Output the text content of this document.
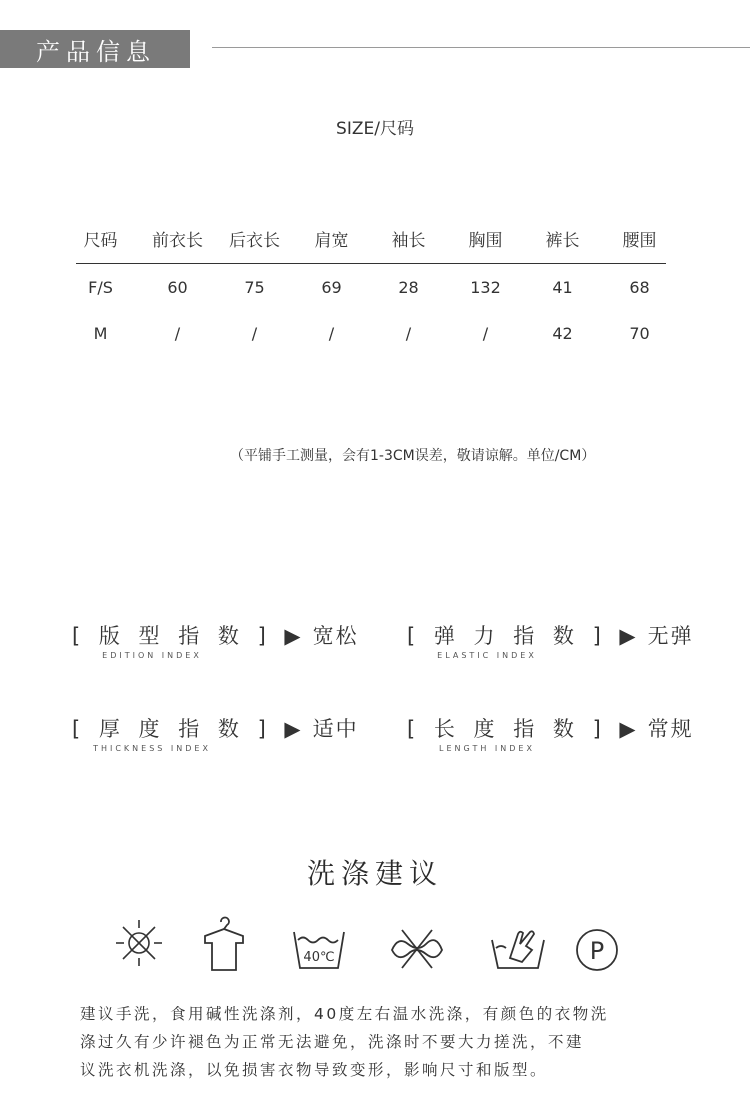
产品信息
SIZE/尺码
尺码	前衣长	后衣长	肩宽	袖长	胸围	裤长	腰围
F/S	60	75	69	28	132	41	68
M	/	/	/	/	/	42	70
（平铺手工测量，会有1-3CM误差，敬请谅解。单位/CM）
[ 版 型 指 数 ] ▶ 宽松
EDITION INDEX
[ 弹 力 指 数 ] ▶ 无弹
ELASTIC INDEX
[ 厚 度 指 数 ] ▶ 适中
THICKNESS INDEX
[ 长 度 指 数 ] ▶ 常规
LENGTH INDEX
洗涤建议
40℃	P
建议手洗，食用碱性洗涤剂，40度左右温水洗涤，有颜色的衣物洗
涤过久有少许褪色为正常无法避免，洗涤时不要大力搓洗，不建
议洗衣机洗涤，以免损害衣物导致变形，影响尺寸和版型。
